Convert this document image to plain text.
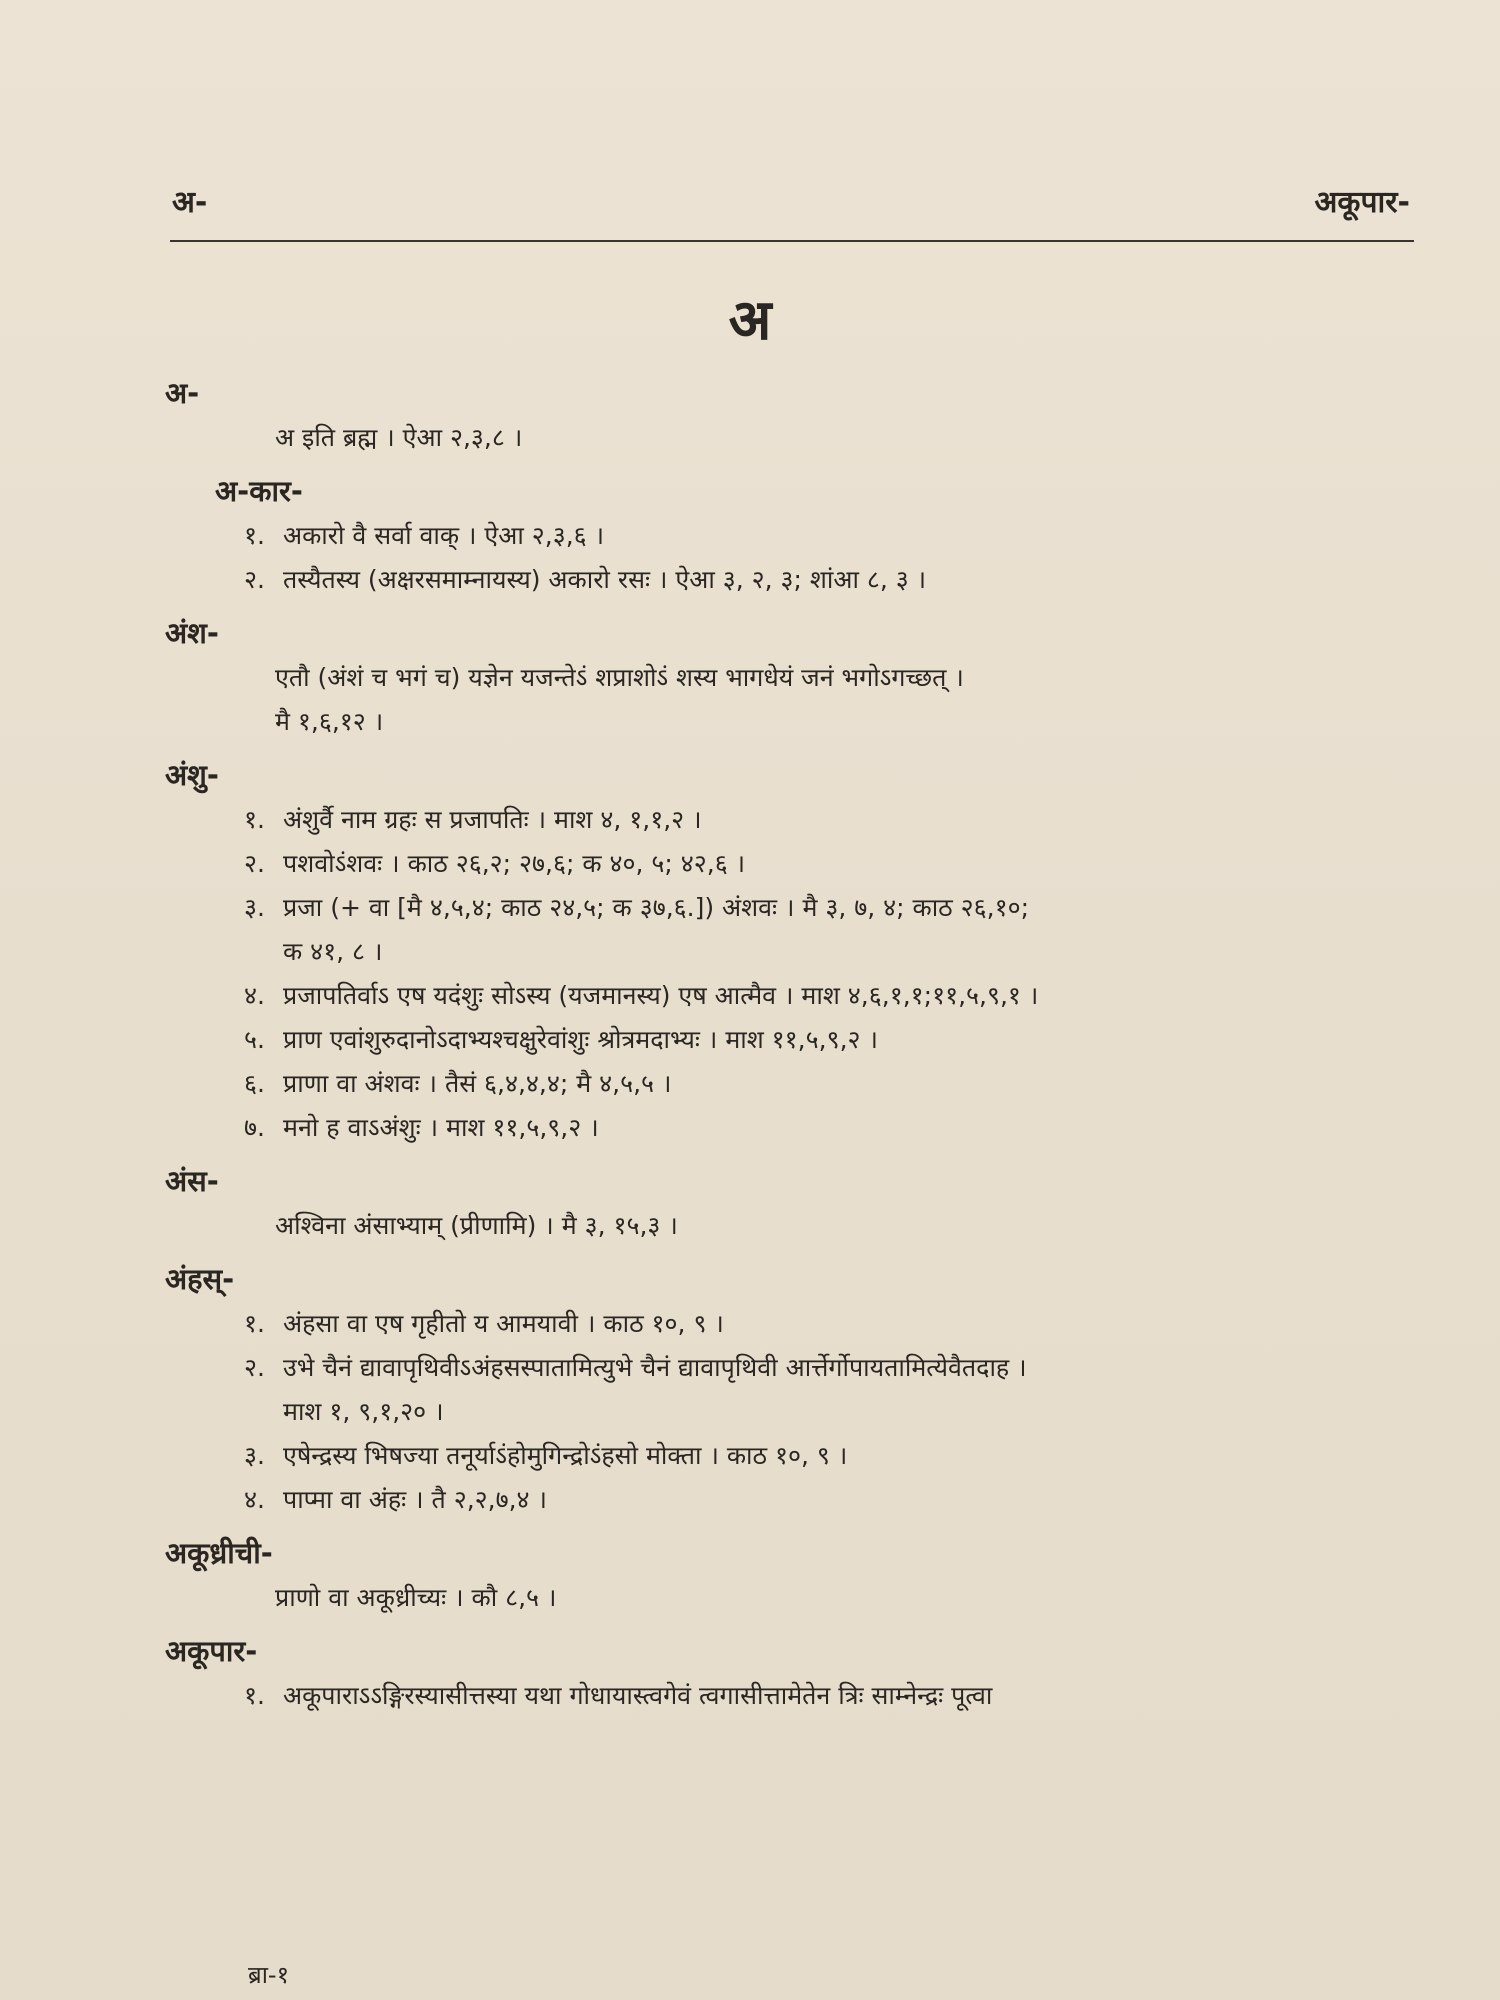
अ-	अकूपार-
अ
अ-
अ इति ब्रह्म । ऐआ २,३,८ ।
अ-कार-
१. अकारो वै सर्वा वाक् । ऐआ २,३,६ ।
२. तस्यैतस्य (अक्षरसमाम्नायस्य) अकारो रसः । ऐआ ३, २, ३; शांआ ८, ३ ।
अंश-
एतौ (अंशं च भगं च) यज्ञेन यजन्तेऽं शप्राशोऽं शस्य भागधेयं जनं भगोऽगच्छत् ।
मै १,६,१२ ।
अंशु-
१. अंशुर्वै नाम ग्रहः स प्रजापतिः । माश ४, १,१,२ ।
२. पशवोऽंशवः । काठ २६,२; २७,६; क ४०, ५; ४२,६ ।
३. प्रजा (+ वा [मै ४,५,४; काठ २४,५; क ३७,६.]) अंशवः । मै ३, ७, ४; काठ २६,१०;
क ४१, ८ ।
४. प्रजापतिर्वाऽ एष यदंशुः सोऽस्य (यजमानस्य) एष आत्मैव । माश ४,६,१,१;११,५,९,१ ।
५. प्राण एवांशुरुदानोऽदाभ्यश्चक्षुरेवांशुः श्रोत्रमदाभ्यः । माश ११,५,९,२ ।
६. प्राणा वा अंशवः । तैसं ६,४,४,४; मै ४,५,५ ।
७. मनो ह वाऽअंशुः । माश ११,५,९,२ ।
अंस-
अश्विना अंसाभ्याम् (प्रीणामि) । मै ३, १५,३ ।
अंहस्-
१. अंहसा वा एष गृहीतो य आमयावी । काठ १०, ९ ।
२. उभे चैनं द्यावापृथिवीऽअंहसस्पातामित्युभे चैनं द्यावापृथिवी आर्त्तेर्गोपायतामित्येवैतदाह ।
माश १, ९,१,२० ।
३. एषेन्द्रस्य भिषज्या तनूर्याऽंहोमुगिन्द्रोऽंहसो मोक्ता । काठ १०, ९ ।
४. पाप्मा वा अंहः । तै २,२,७,४ ।
अकूध्रीची-
प्राणो वा अकूध्रीच्यः । कौ ८,५ ।
अकूपार-
१. अकूपाराऽऽङ्गिरस्यासीत्तस्या यथा गोधायास्त्वगेवं त्वगासीत्तामेतेन त्रिः साम्नेन्द्रः पूत्वा
ब्रा-१
